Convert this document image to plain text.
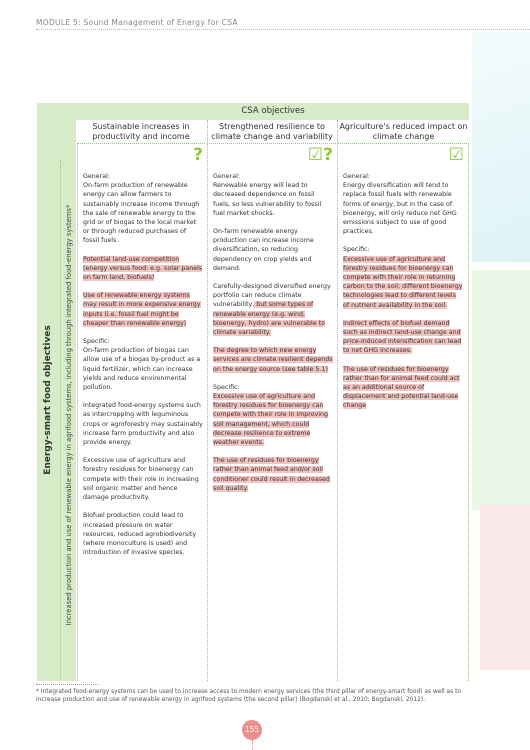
MODULE 5: Sound Management of Energy for CSA
CSA objectives
Energy-smart food objectives Increased production and use of renewable energy in agrifood systems, including through integrated food-energy systems*
Sustainable increases in productivity and income
Strengthened resilience to climate change and variability
Agriculture's reduced impact on climate change
?

General:
On-farm production of renewable energy can allow farmers to sustainably increase income through the sale of renewable energy to the grid or of biogas to the local market or through reduced purchases of fossil fuels.

Potential land-use competition (energy versus food: e.g. solar panels on farm land, biofuels)

Use of renewable energy systems may result in more expensive energy inputs (i.e. fossil fuel might be cheaper than renewable energy)

Specific:
On-farm production of biogas can allow use of a biogas by-product as a liquid fertilizer, which can increase yields and reduce environmental pollution.

Integrated food-energy systems such as intercropping with leguminous crops or agroforestry may sustainably increase farm productivity and also provide energy.

Excessive use of agriculture and forestry residues for bioenergy can compete with their role in increasing soil organic matter and hence damage productivity.

Biofuel production could lead to increased pressure on water resources, reduced agrobiodiversity (where monoculture is used) and introduction of invasive species.

☑?

General:
Renewable energy will lead to decreased dependence on fossil fuels, so less vulnerability to fossil fuel market shocks.

On-farm renewable energy production can increase income diversification, so reducing dependency on crop yields and demand.

Carefully-designed diversified energy portfolio can reduce climate vulnerability, but some types of renewable energy (e.g. wind, bioenergy, hydro) are vulnerable to climate variability.

The degree to which new energy services are climate resilient depends on the energy source (see table 5.1)

Specific:
Excessive use of agriculture and forestry residues for bioenergy can compete with their role in improving soil management, which could decrease resilience to extreme weather events.

The use of residues for bioenergy rather than animal feed and/or soil conditioner could result in decreased soil quality.

☑

General:
Energy diversification will tend to replace fossil fuels with renewable forms of energy, but in the case of bioenergy, will only reduce net GHG emissions subject to use of good practices.

Specific:
Excessive use of agriculture and forestry residues for bioenergy can compete with their role in returning carbon to the soil; different bioenergy technologies lead to different levels of nutrient availability in the soil.

Indirect effects of biofuel demand such as indirect land-use change and price-induced intensification can lead to net GHG increases.

The use of residues for bioenergy rather than for animal feed could act as an additional source of displacement and potential land-use change

* Integrated food-energy systems can be used to increase access to modern energy services (the third pillar of energy-smart food) as well as to increase production and use of renewable energy in agrifood systems (the second pillar) (Bogdanski et al., 2010; Bogdanski, 2012).
155
